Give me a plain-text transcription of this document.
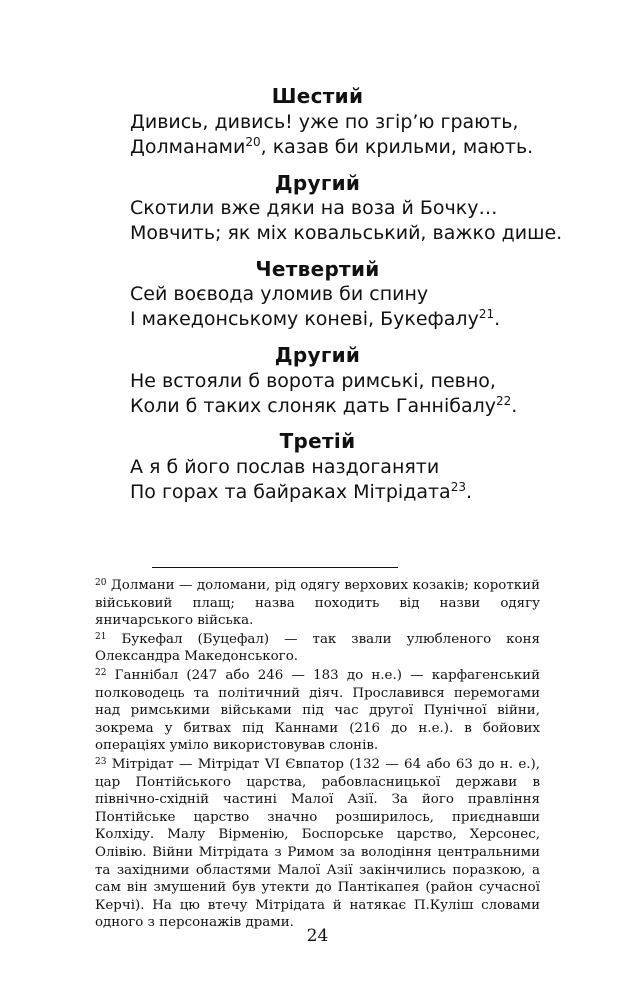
Шестий
Дивись, дивись! уже по згір’ю грають,
Долманами$^{20}$, казав би крильми, мають.
Другий
Скотили вже дяки на воза й Бочку…
Мовчить; як міх ковальський, важко дише.
Четвертий
Сей воєвода уломив би спину
І македонському коневі, Букефалу$^{21}$.
Другий
Не встояли б ворота римські, певно,
Коли б таких слоняк дать Ганнібалу$^{22}$.
Третій
А я б його послав наздоганяти
По горах та байраках Мітрідата$^{23}$.

$^{20}$ Долмани — доломани, рід одягу верхових козаків; короткий військовий плащ; назва походить від назви одягу яничарського війська.

$^{21}$ Букефал (Буцефал) — так звали улюбленого коня Олександра Македонського.

$^{22}$ Ганнібал (247 або 246 — 183 до н.е.) — карфагенський полководець та політичний діяч. Прославився перемогами над римськими військами під час другої Пунічної війни, зокрема у битвах під Каннами (216 до н.е.). в бойових операціях уміло використовував слонів.

$^{23}$ Мітрідат — Мітрідат VI Євпатор (132 — 64 або 63 до н. е.), цар Понтійського царства, рабовласницької держави в північно-східній частині Малої Азії. За його правління Понтійське царство значно розширилось, приєднавши Колхіду. Малу Вірменію, Боспорське царство, Херсонес, Олівію. Війни Мітрідата з Римом за володіння центральними та західними областями Малої Азії закінчились поразкою, а сам він змушений був утекти до Пантікапея (район сучасної Керчі). На цю втечу Мітрідата й натякає П.Куліш словами одного з персонажів драми.

24
